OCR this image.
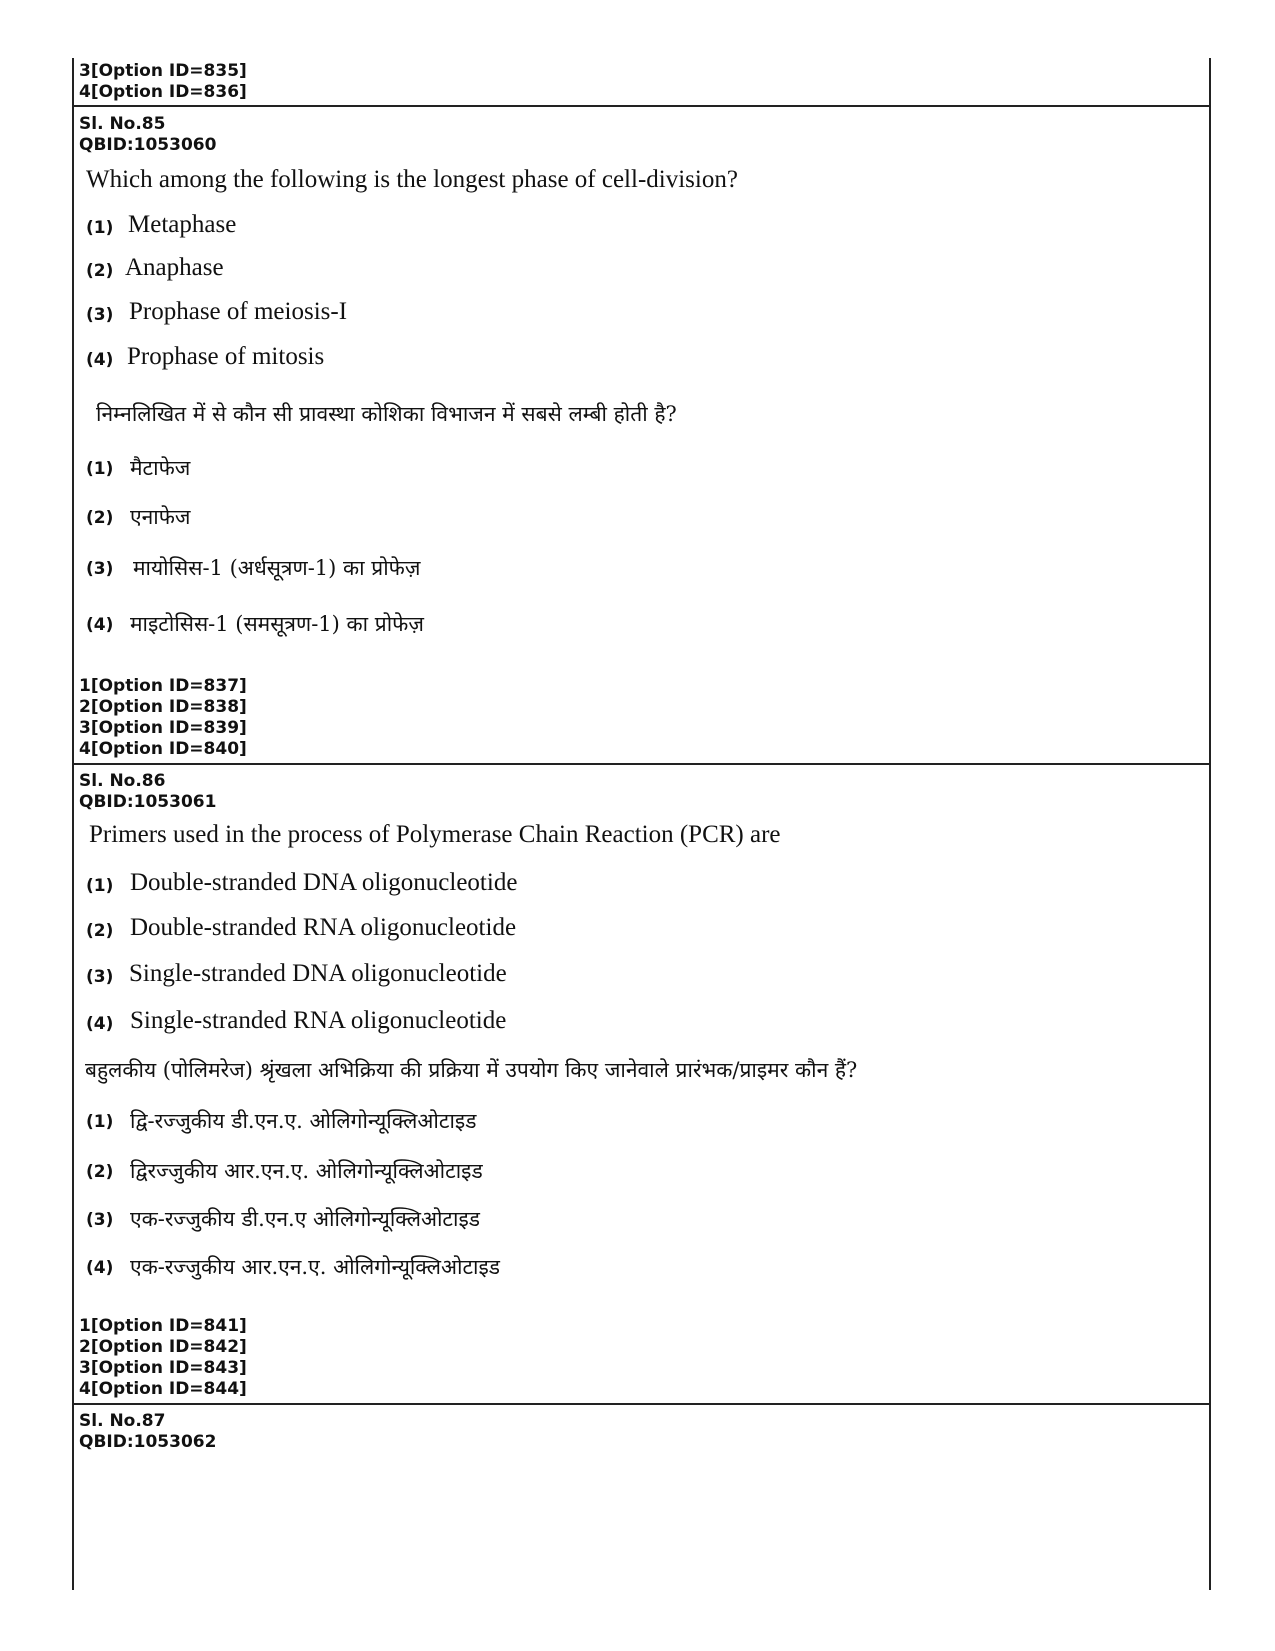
3[Option ID=835]
4[Option ID=836]
Sl. No.85
QBID:1053060
Which among the following is the longest phase of cell-division?
(1) Metaphase
(2) Anaphase
(3) Prophase of meiosis-I
(4) Prophase of mitosis
निम्नलिखित में से कौन सी प्रावस्था कोशिका विभाजन में सबसे लम्बी होती है?
(1) मैटाफेज
(2) एनाफेज
(3) मायोसिस-1 (अर्धसूत्रण-1) का प्रोफेज़
(4) माइटोसिस-1 (समसूत्रण-1) का प्रोफेज़
1[Option ID=837]
2[Option ID=838]
3[Option ID=839]
4[Option ID=840]
Sl. No.86
QBID:1053061
Primers used in the process of Polymerase Chain Reaction (PCR) are
(1) Double-stranded DNA oligonucleotide
(2) Double-stranded RNA oligonucleotide
(3) Single-stranded DNA oligonucleotide
(4) Single-stranded RNA oligonucleotide
बहुलकीय (पोलिमरेज) श्रृंखला अभिक्रिया की प्रक्रिया में उपयोग किए जानेवाले प्रारंभक/प्राइमर कौन हैं?
(1) द्वि-रज्जुकीय डी.एन.ए. ओलिगोन्यूक्लिओटाइड
(2) द्विरज्जुकीय आर.एन.ए. ओलिगोन्यूक्लिओटाइड
(3) एक-रज्जुकीय डी.एन.ए ओलिगोन्यूक्लिओटाइड
(4) एक-रज्जुकीय आर.एन.ए. ओलिगोन्यूक्लिओटाइड
1[Option ID=841]
2[Option ID=842]
3[Option ID=843]
4[Option ID=844]
Sl. No.87
QBID:1053062
